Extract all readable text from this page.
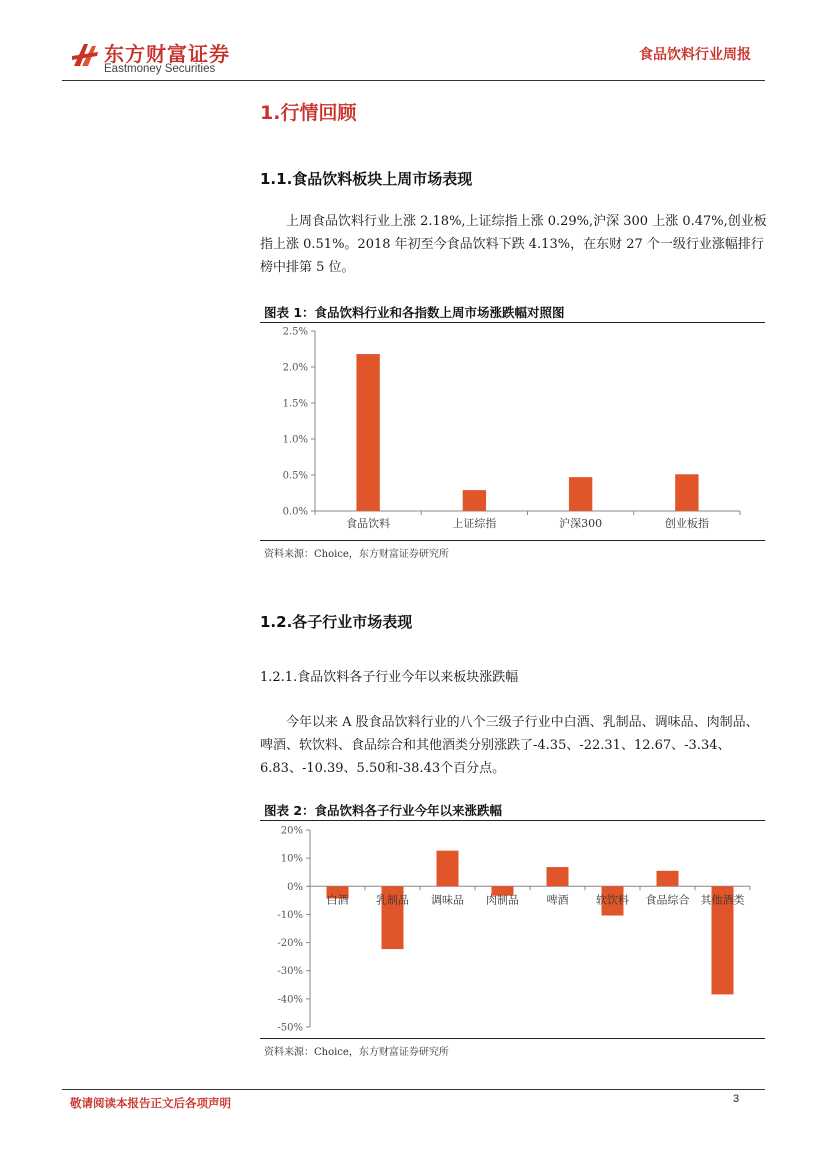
东方财富证券
Eastmoney Securities
食品饮料行业周报
1.行情回顾
1.1.食品饮料板块上周市场表现

上周食品饮料行业上涨 2.18%,上证综指上涨 0.29%,沪深 300 上涨 0.47%,创业板指上涨 0.51%。2018 年初至今食品饮料下跌 4.13%，在东财 27 个一级行业涨幅排行榜中排第 5 位。

图表 1：食品饮料行业和各指数上周市场涨跌幅对照图
0.0%
0.5%
1.0%
1.5%
2.0%
2.5%
食品饮料	上证综指	沪深300	创业板指
资料来源：Choice，东方财富证券研究所
1.2.各子行业市场表现
1.2.1.食品饮料各子行业今年以来板块涨跌幅

今年以来 A 股食品饮料行业的八个三级子行业中白酒、乳制品、调味品、肉制品、啤酒、软饮料、食品综合和其他酒类分别涨跌了-4.35、-22.31、12.67、-3.34、6.83、-10.39、5.50和-38.43个百分点。

图表 2：食品饮料各子行业今年以来涨跌幅
20%
10%
0%
-10%
-20%
-30%
-40%
-50%
白酒	乳制品 调味品 肉制品	啤酒	软饮料 食品综合 其他酒类
资料来源：Choice，东方财富证券研究所
敬请阅读本报告正文后各项声明	3
